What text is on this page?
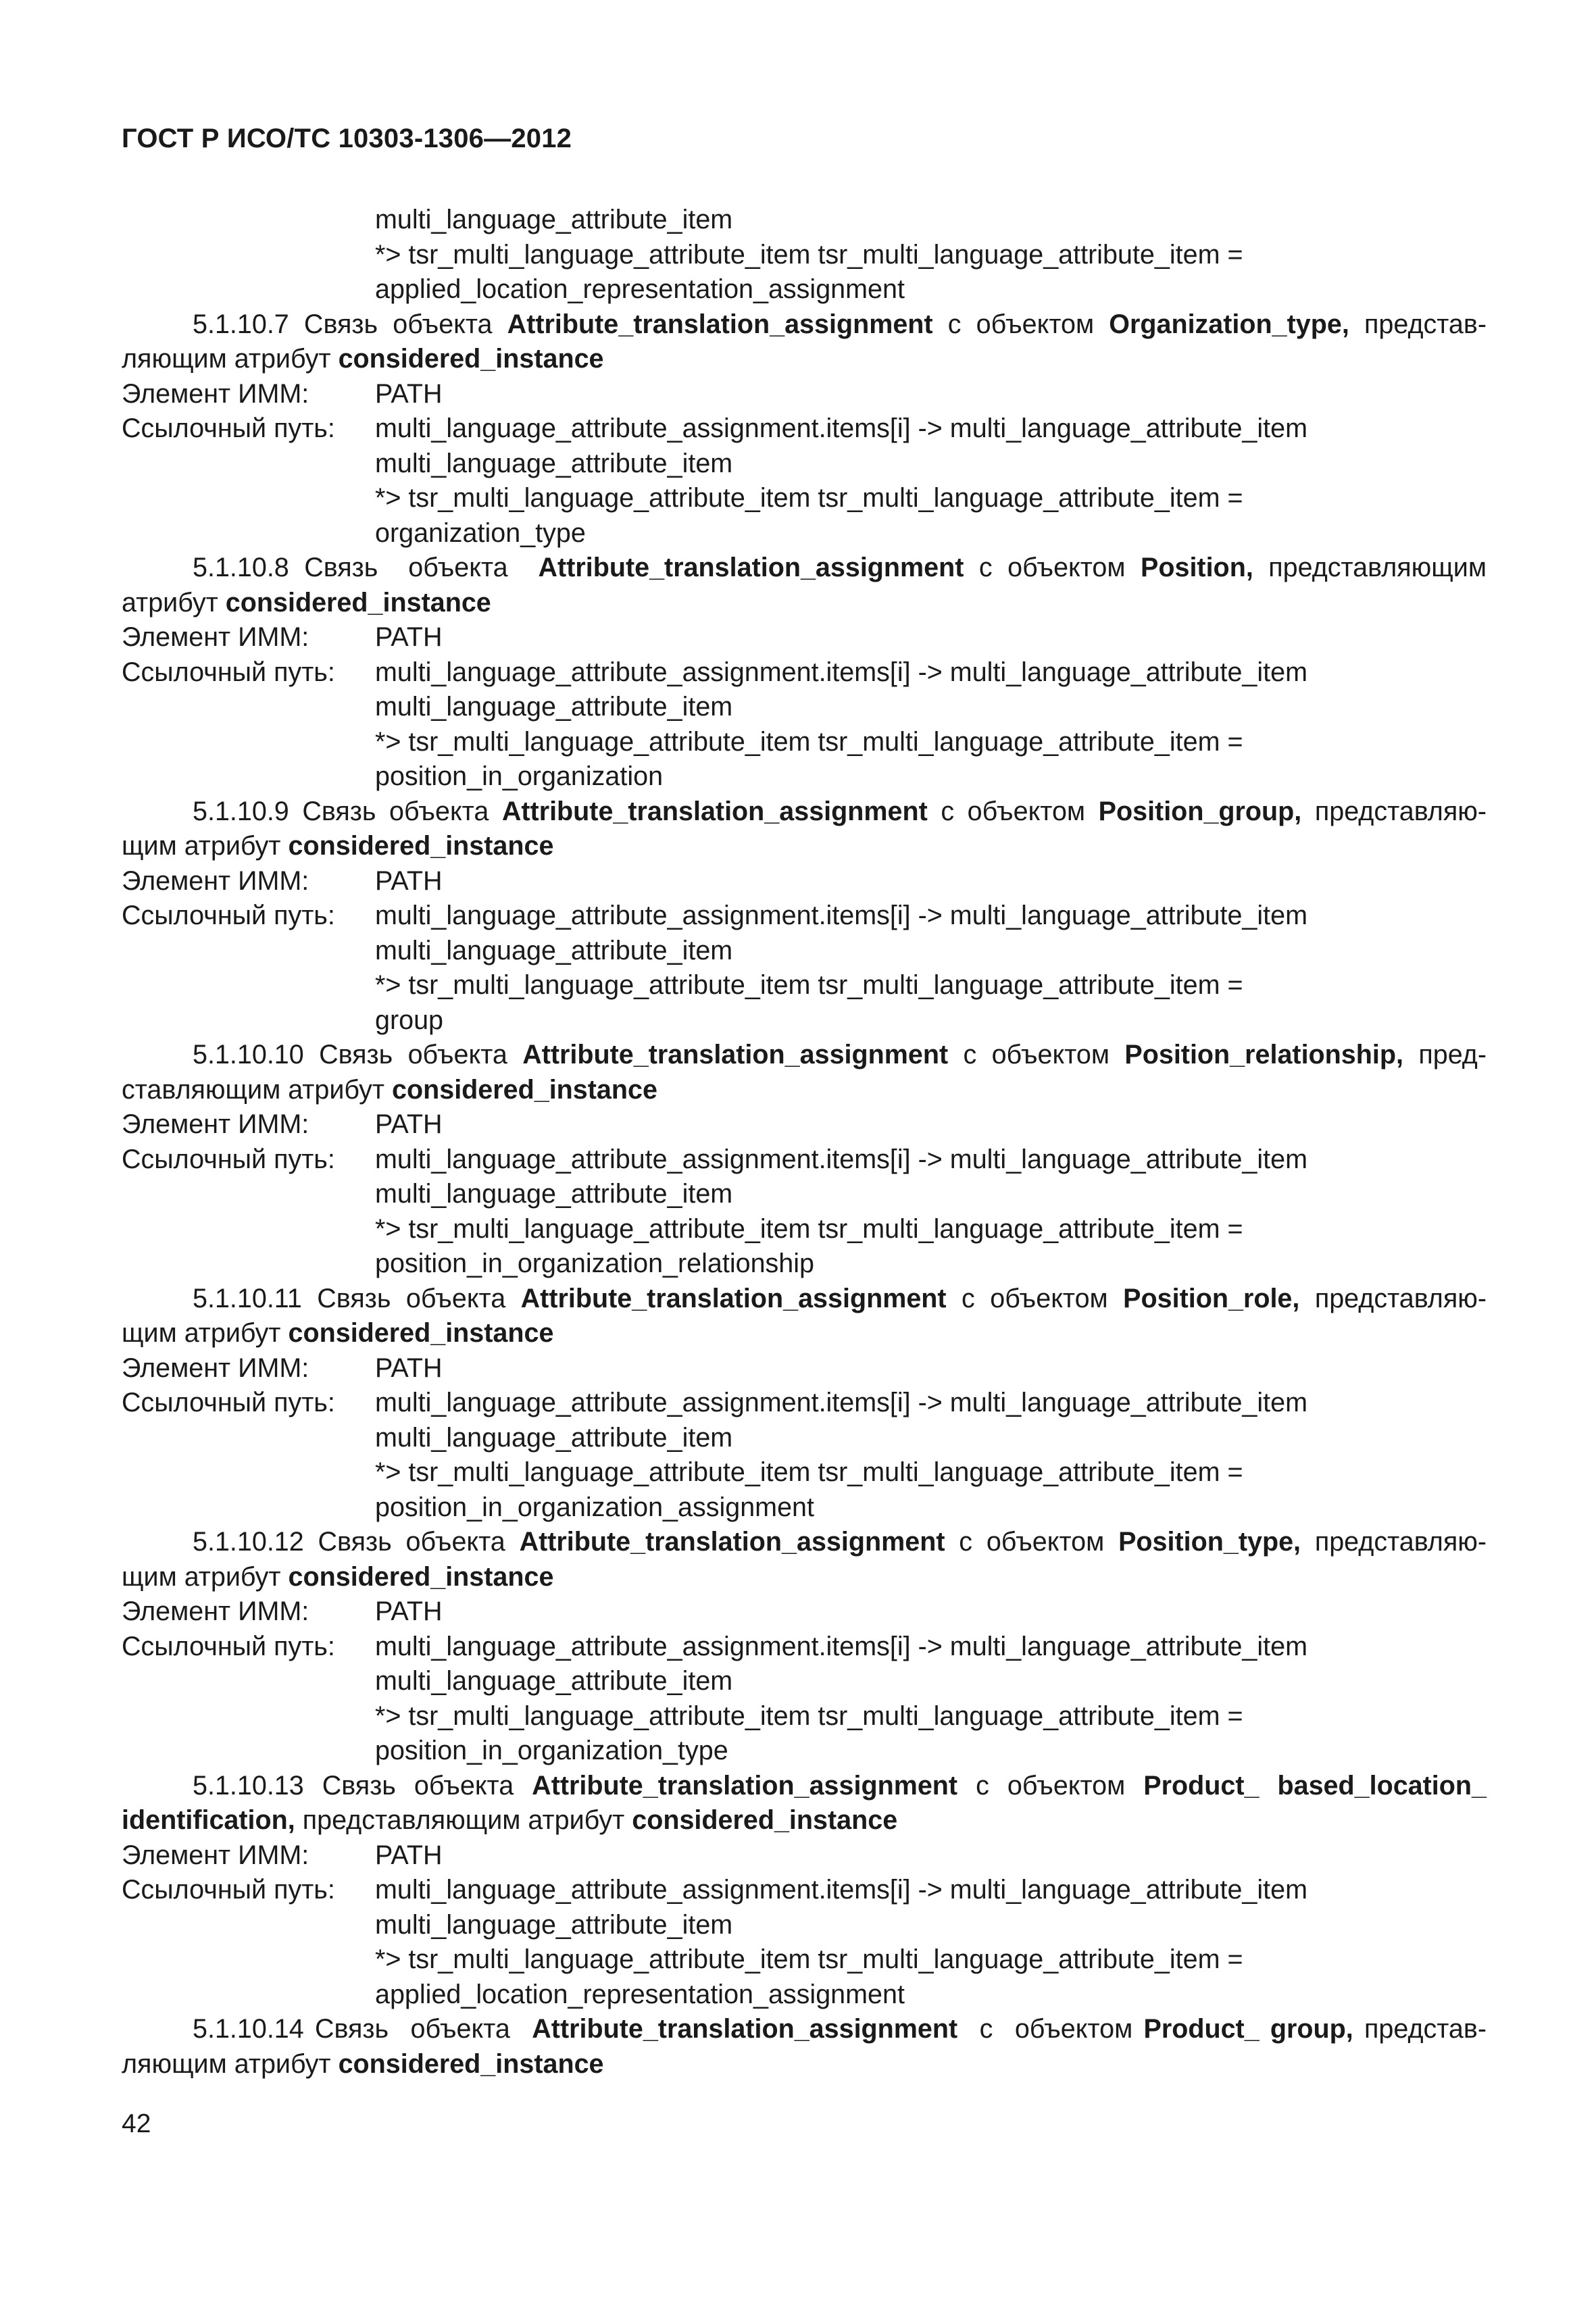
ГОСТ Р ИСО/ТС 10303-1306—2012
multi_language_attribute_item
*> tsr_multi_language_attribute_item tsr_multi_language_attribute_item =
applied_location_representation_assignment
5.1.10.7 Связь объекта Attribute_translation_assignment с объектом Organization_type, представ-
ляющим атрибут considered_instance
Элемент ИММ:	PATH
Ссылочный путь:	multi_language_attribute_assignment.items[i] -> multi_language_attribute_item
multi_language_attribute_item
*> tsr_multi_language_attribute_item tsr_multi_language_attribute_item =
organization_type
5.1.10.8 Связь  объекта  Attribute_translation_assignment с объектом Position, представляющим
атрибут considered_instance
Элемент ИММ:	PATH
Ссылочный путь:	multi_language_attribute_assignment.items[i] -> multi_language_attribute_item
multi_language_attribute_item
*> tsr_multi_language_attribute_item tsr_multi_language_attribute_item =
position_in_organization
5.1.10.9 Связь объекта Attribute_translation_assignment с объектом Position_group, представляю-
щим атрибут considered_instance
Элемент ИММ:	PATH
Ссылочный путь:	multi_language_attribute_assignment.items[i] -> multi_language_attribute_item
multi_language_attribute_item
*> tsr_multi_language_attribute_item tsr_multi_language_attribute_item =
group
5.1.10.10 Связь объекта Attribute_translation_assignment с объектом Position_relationship, пред-
ставляющим атрибут considered_instance
Элемент ИММ:	PATH
Ссылочный путь:	multi_language_attribute_assignment.items[i] -> multi_language_attribute_item
multi_language_attribute_item
*> tsr_multi_language_attribute_item tsr_multi_language_attribute_item =
position_in_organization_relationship
5.1.10.11 Связь объекта Attribute_translation_assignment с объектом Position_role, представляю-
щим атрибут considered_instance
Элемент ИММ:	PATH
Ссылочный путь:	multi_language_attribute_assignment.items[i] -> multi_language_attribute_item
multi_language_attribute_item
*> tsr_multi_language_attribute_item tsr_multi_language_attribute_item =
position_in_organization_assignment
5.1.10.12 Связь объекта Attribute_translation_assignment с объектом Position_type, представляю-
щим атрибут considered_instance
Элемент ИММ:	PATH
Ссылочный путь:	multi_language_attribute_assignment.items[i] -> multi_language_attribute_item
multi_language_attribute_item
*> tsr_multi_language_attribute_item tsr_multi_language_attribute_item =
position_in_organization_type
5.1.10.13 Связь объекта Attribute_translation_assignment с объектом Product_ based_location_
identification, представляющим атрибут considered_instance
Элемент ИММ:	PATH
Ссылочный путь:	multi_language_attribute_assignment.items[i] -> multi_language_attribute_item
multi_language_attribute_item
*> tsr_multi_language_attribute_item tsr_multi_language_attribute_item =
applied_location_representation_assignment
5.1.10.14 Связь  объекта  Attribute_translation_assignment  с  объектом Product_ group, представ-
ляющим атрибут considered_instance
42
